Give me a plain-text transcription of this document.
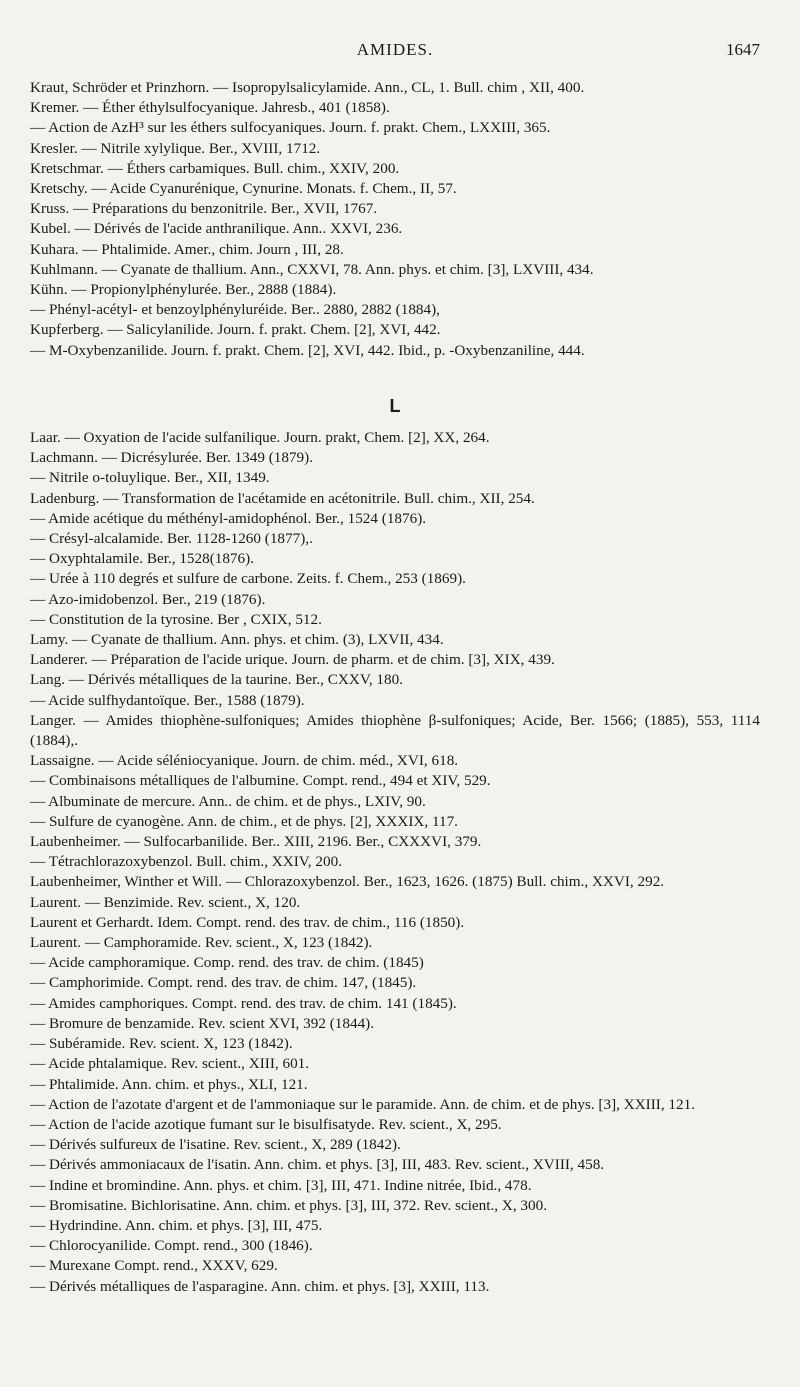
AMIDES.	1647

Kraut, Schröder et Prinzhorn. — Isopropylsalicylamide. Ann., CL, 1. Bull. chim , XII, 400.

Kremer. — Éther éthylsulfocyanique. Jahresb., 401 (1858).

— Action de AzH³ sur les éthers sulfocyaniques. Journ. f. prakt. Chem., LXXIII, 365.

Kresler. — Nitrile xylylique. Ber., XVIII, 1712.

Kretschmar. — Éthers carbamiques. Bull. chim., XXIV, 200.

Kretschy. — Acide Cyanurénique, Cynurine. Monats. f. Chem., II, 57.

Kruss. — Préparations du benzonitrile. Ber., XVII, 1767.

Kubel. — Dérivés de l'acide anthranilique. Ann.. XXVI, 236.

Kuhara. — Phtalimide. Amer., chim. Journ , III, 28.

Kuhlmann. — Cyanate de thallium. Ann., CXXVI, 78. Ann. phys. et chim. [3], LXVIII, 434.

Kühn. — Propionylphénylurée. Ber., 2888 (1884).

— Phényl-acétyl- et benzoylphényluréide. Ber.. 2880, 2882 (1884),

Kupferberg. — Salicylanilide. Journ. f. prakt. Chem. [2], XVI, 442.

— M-Oxybenzanilide. Journ. f. prakt. Chem. [2], XVI, 442. Ibid., p. -Oxybenzaniline, 444.

L

Laar. — Oxyation de l'acide sulfanilique. Journ. prakt, Chem. [2], XX, 264.

Lachmann. — Dicrésylurée. Ber. 1349 (1879).

— Nitrile o-toluylique. Ber., XII, 1349.

Ladenburg. — Transformation de l'acétamide en acétonitrile. Bull. chim., XII, 254.

— Amide acétique du méthényl-amidophénol. Ber., 1524 (1876).

— Crésyl-alcalamide. Ber. 1128-1260 (1877),.

— Oxyphtalamile. Ber., 1528(1876).

— Urée à 110 degrés et sulfure de carbone. Zeits. f. Chem., 253 (1869).

— Azo-imidobenzol. Ber., 219 (1876).

— Constitution de la tyrosine. Ber , CXIX, 512.

Lamy. — Cyanate de thallium. Ann. phys. et chim. (3), LXVII, 434.

Landerer. — Préparation de l'acide urique. Journ. de pharm. et de chim. [3], XIX, 439.

Lang. — Dérivés métalliques de la taurine. Ber., CXXV, 180.

— Acide sulfhydantoïque. Ber., 1588 (1879).

Langer. — Amides thiophène-sulfoniques; Amides thiophène β-sulfoniques; Acide, Ber. 1566; (1885), 553, 1114 (1884),.

Lassaigne. — Acide séléniocyanique. Journ. de chim. méd., XVI, 618.

— Combinaisons métalliques de l'albumine. Compt. rend., 494 et XIV, 529.

— Albuminate de mercure. Ann.. de chim. et de phys., LXIV, 90.

— Sulfure de cyanogène. Ann. de chim., et de phys. [2], XXXIX, 117.

Laubenheimer. — Sulfocarbanilide. Ber.. XIII, 2196. Ber., CXXXVI, 379.

— Tétrachlorazoxybenzol. Bull. chim., XXIV, 200.

Laubenheimer, Winther et Will. — Chlorazoxybenzol. Ber., 1623, 1626. (1875) Bull. chim., XXVI, 292.

Laurent. — Benzimide. Rev. scient., X, 120.

Laurent et Gerhardt. Idem. Compt. rend. des trav. de chim., 116 (1850).

Laurent. — Camphoramide. Rev. scient., X, 123 (1842).

— Acide camphoramique. Comp. rend. des trav. de chim. (1845)

— Camphorimide. Compt. rend. des trav. de chim. 147, (1845).

— Amides camphoriques. Compt. rend. des trav. de chim. 141 (1845).

— Bromure de benzamide. Rev. scient XVI, 392 (1844).

— Subéramide. Rev. scient. X, 123 (1842).

— Acide phtalamique. Rev. scient., XIII, 601.

— Phtalimide. Ann. chim. et phys., XLI, 121.

— Action de l'azotate d'argent et de l'ammoniaque sur le paramide. Ann. de chim. et de phys. [3], XXIII, 121.

— Action de l'acide azotique fumant sur le bisulfisatyde. Rev. scient., X, 295.

— Dérivés sulfureux de l'isatine. Rev. scient., X, 289 (1842).

— Dérivés ammoniacaux de l'isatin. Ann. chim. et phys. [3], III, 483. Rev. scient., XVIII, 458.

— Indine et bromindine. Ann. phys. et chim. [3], III, 471. Indine nitrée, Ibid., 478.

— Bromisatine. Bichlorisatine. Ann. chim. et phys. [3], III, 372. Rev. scient., X, 300.

— Hydrindine. Ann. chim. et phys. [3], III, 475.

— Chlorocyanilide. Compt. rend., 300 (1846).

— Murexane Compt. rend., XXXV, 629.

— Dérivés métalliques de l'asparagine. Ann. chim. et phys. [3], XXIII, 113.
